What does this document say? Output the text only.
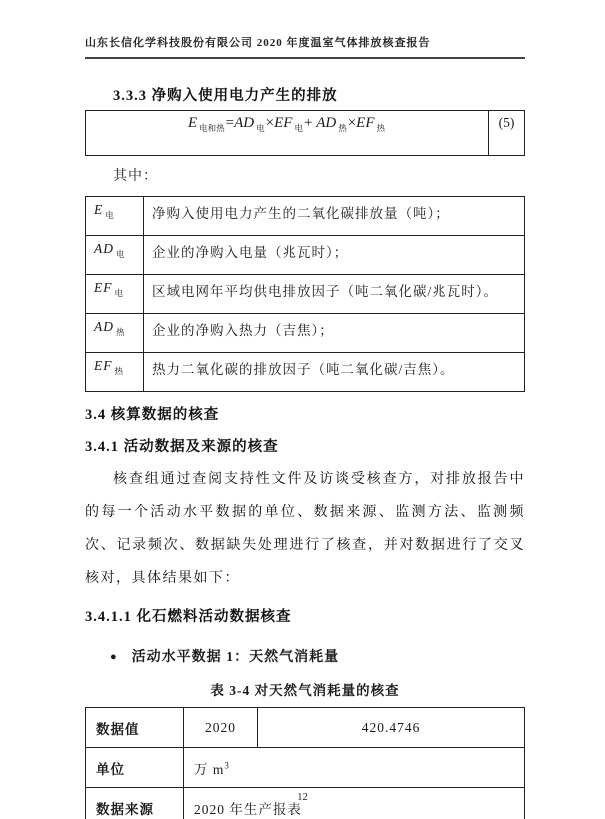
山东长信化学科技股份有限公司 2020 年度温室气体排放核查报告
3.3.3 净购入使用电力产生的排放
E $_{电和热}$=AD $_电$×EF $_电$+ AD $_热$×EF $_热$	(5)

其中：

E $_电$	净购入使用电力产生的二氧化碳排放量（吨）；
AD $_电$	企业的净购入电量（兆瓦时）；
EF $_电$	区域电网年平均供电排放因子（吨二氧化碳/兆瓦时）。
AD $_热$	企业的净购入热力（吉焦）；
EF $_热$	热力二氧化碳的排放因子（吨二氧化碳/吉焦）。
3.4 核算数据的核查
3.4.1 活动数据及来源的核查

核查组通过查阅支持性文件及访谈受核查方，对排放报告中的每一个活动水平数据的单位、数据来源、监测方法、监测频次、记录频次、数据缺失处理进行了核查，并对数据进行了交叉核对，具体结果如下：

3.4.1.1 化石燃料活动数据核查
● 活动水平数据 1：天然气消耗量
表 3-4 对天然气消耗量的核查
数据值	2020	420.4746
单位	万 $m^3$
数据来源	2020 年生产报表	
12
